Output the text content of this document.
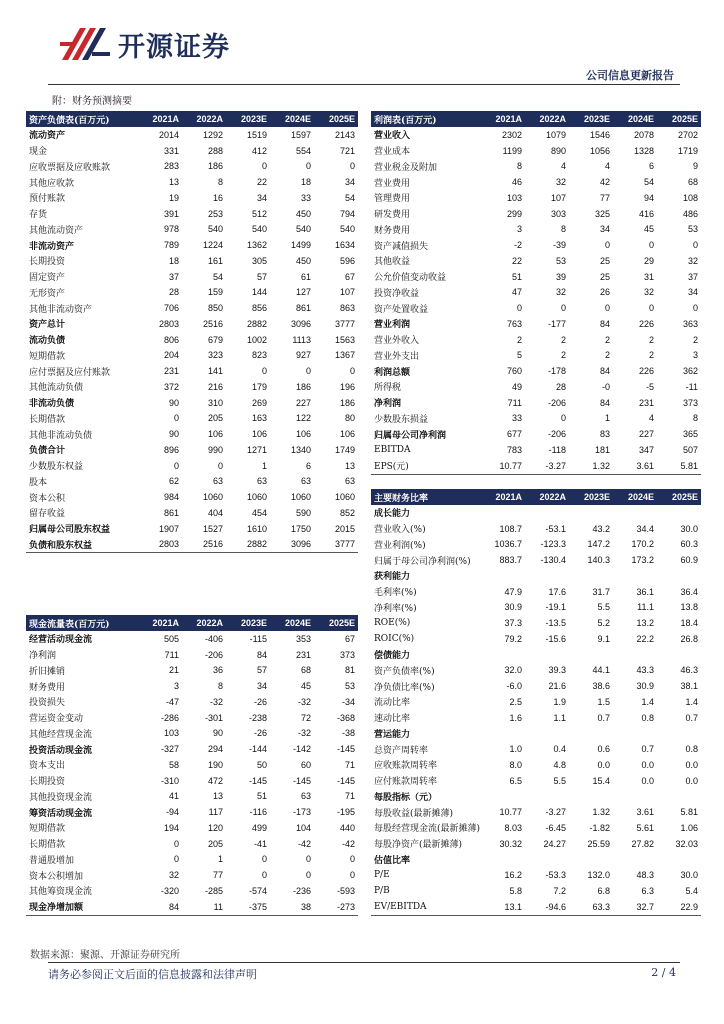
开源证券
公司信息更新报告
附：财务预测摘要
资产负债表(百万元)	2021A	2022A	2023E	2024E	2025E
流动资产	2014	1292	1519	1597	2143
现金	331	288	412	554	721
应收票据及应收账款	283	186	0	0	0
其他应收款	13	8	22	18	34
预付账款	19	16	34	33	54
存货	391	253	512	450	794
其他流动资产	978	540	540	540	540
非流动资产	789	1224	1362	1499	1634
长期投资	18	161	305	450	596
固定资产	37	54	57	61	67
无形资产	28	159	144	127	107
其他非流动资产	706	850	856	861	863
资产总计	2803	2516	2882	3096	3777
流动负债	806	679	1002	1113	1563
短期借款	204	323	823	927	1367
应付票据及应付账款	231	141	0	0	0
其他流动负债	372	216	179	186	196
非流动负债	90	310	269	227	186
长期借款	0	205	163	122	80
其他非流动负债	90	106	106	106	106
负债合计	896	990	1271	1340	1749
少数股东权益	0	0	1	6	13
股本	62	63	63	63	63
资本公积	984	1060	1060	1060	1060
留存收益	861	404	454	590	852
归属母公司股东权益	1907	1527	1610	1750	2015
负债和股东权益	2803	2516	2882	3096	3777
利润表(百万元)	2021A	2022A	2023E	2024E	2025E
营业收入	2302	1079	1546	2078	2702
营业成本	1199	890	1056	1328	1719
营业税金及附加	8	4	4	6	9
营业费用	46	32	42	54	68
管理费用	103	107	77	94	108
研发费用	299	303	325	416	486
财务费用	3	8	34	45	53
资产减值损失	-2	-39	0	0	0
其他收益	22	53	25	29	32
公允价值变动收益	51	39	25	31	37
投资净收益	47	32	26	32	34
资产处置收益	0	0	0	0	0
营业利润	763	-177	84	226	363
营业外收入	2	2	2	2	2
营业外支出	5	2	2	2	3
利润总额	760	-178	84	226	362
所得税	49	28	-0	-5	-11
净利润	711	-206	84	231	373
少数股东损益	33	0	1	4	8
归属母公司净利润	677	-206	83	227	365
EBITDA	783	-118	181	347	507
EPS(元)	10.77	-3.27	1.32	3.61	5.81
主要财务比率	2021A	2022A	2023E	2024E	2025E
成长能力					
营业收入(%)	108.7	-53.1	43.2	34.4	30.0
营业利润(%)	1036.7	-123.3	147.2	170.2	60.3
归属于母公司净利润(%)	883.7	-130.4	140.3	173.2	60.9
获利能力					
毛利率(%)	47.9	17.6	31.7	36.1	36.4
净利率(%)	30.9	-19.1	5.5	11.1	13.8
ROE(%)	37.3	-13.5	5.2	13.2	18.4
ROIC(%)	79.2	-15.6	9.1	22.2	26.8
偿债能力					
资产负债率(%)	32.0	39.3	44.1	43.3	46.3
净负债比率(%)	-6.0	21.6	38.6	30.9	38.1
流动比率	2.5	1.9	1.5	1.4	1.4
速动比率	1.6	1.1	0.7	0.8	0.7
营运能力					
总资产周转率	1.0	0.4	0.6	0.7	0.8
应收账款周转率	8.0	4.8	0.0	0.0	0.0
应付账款周转率	6.5	5.5	15.4	0.0	0.0
每股指标（元）					
每股收益(最新摊薄)	10.77	-3.27	1.32	3.61	5.81
每股经营现金流(最新摊薄)	8.03	-6.45	-1.82	5.61	1.06
每股净资产(最新摊薄)	30.32	24.27	25.59	27.82	32.03
估值比率					
P/E	16.2	-53.3	132.0	48.3	30.0
P/B	5.8	7.2	6.8	6.3	5.4
EV/EBITDA	13.1	-94.6	63.3	32.7	22.9
现金流量表(百万元)	2021A	2022A	2023E	2024E	2025E
经营活动现金流	505	-406	-115	353	67
净利润	711	-206	84	231	373
折旧摊销	21	36	57	68	81
财务费用	3	8	34	45	53
投资损失	-47	-32	-26	-32	-34
营运资金变动	-286	-301	-238	72	-368
其他经营现金流	103	90	-26	-32	-38
投资活动现金流	-327	294	-144	-142	-145
资本支出	58	190	50	60	71
长期投资	-310	472	-145	-145	-145
其他投资现金流	41	13	51	63	71
筹资活动现金流	-94	117	-116	-173	-195
短期借款	194	120	499	104	440
长期借款	0	205	-41	-42	-42
普通股增加	0	1	0	0	0
资本公积增加	32	77	0	0	0
其他筹资现金流	-320	-285	-574	-236	-593
现金净增加额	84	11	-375	38	-273
数据来源：聚源、开源证券研究所
请务必参阅正文后面的信息披露和法律声明	2 / 4
